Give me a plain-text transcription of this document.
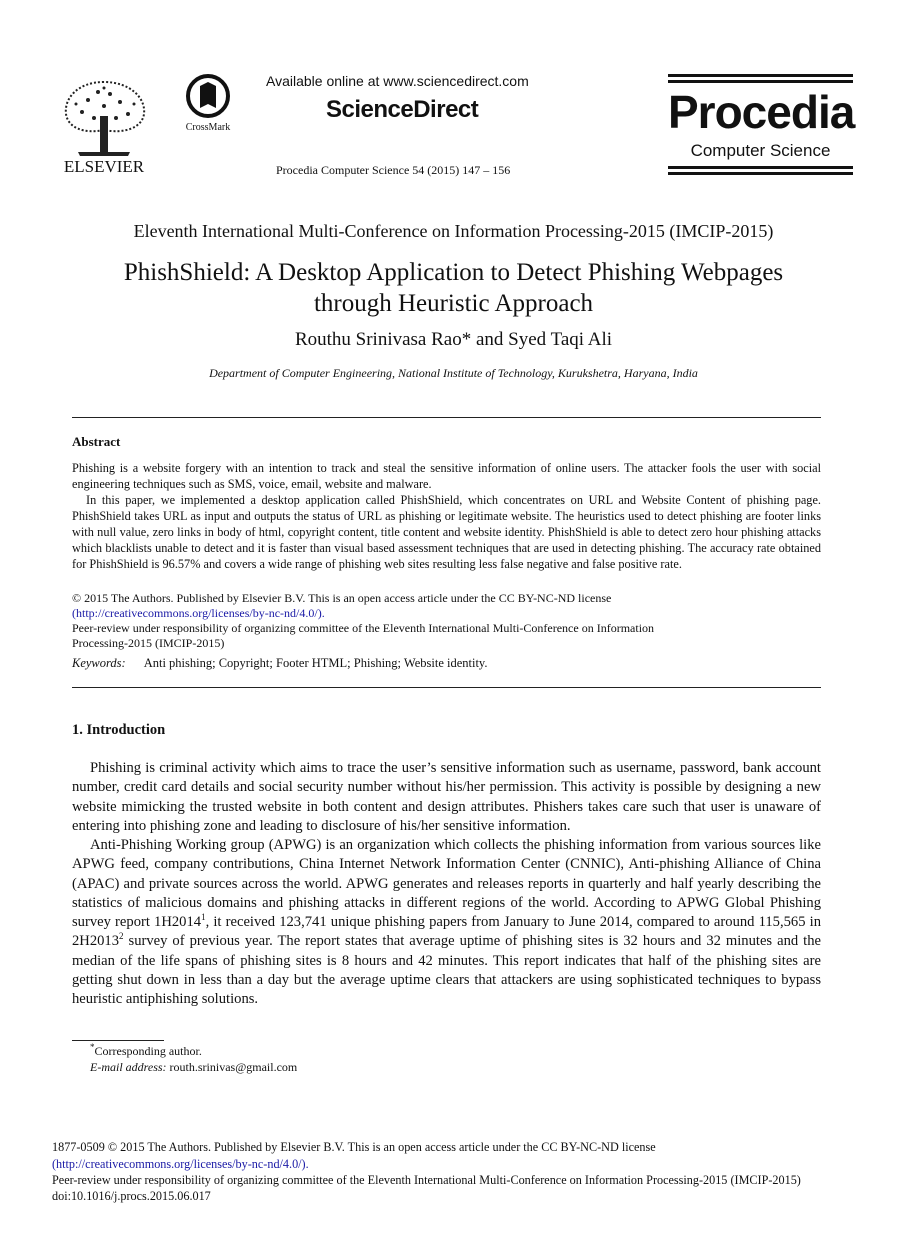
ELSEVIER
CrossMark
Available online at www.sciencedirect.com
ScienceDirect
Procedia Computer Science 54 (2015) 147 – 156
Procedia
Computer Science
Eleventh International Multi-Conference on Information Processing-2015 (IMCIP-2015)
PhishShield: A Desktop Application to Detect Phishing Webpages
through Heuristic Approach
Routhu Srinivasa Rao* and Syed Taqi Ali
Department of Computer Engineering, National Institute of Technology, Kurukshetra, Haryana, India
Abstract
Phishing is a website forgery with an intention to track and steal the sensitive information of online users. The attacker fools the user with social engineering techniques such as SMS, voice, email, website and malware.
In this paper, we implemented a desktop application called PhishShield, which concentrates on URL and Website Content of phishing page. PhishShield takes URL as input and outputs the status of URL as phishing or legitimate website. The heuristics used to detect phishing are footer links with null value, zero links in body of html, copyright content, title content and website identity. PhishShield is able to detect zero hour phishing attacks which blacklists unable to detect and it is faster than visual based assessment techniques that are used in detecting phishing. The accuracy rate obtained for PhishShield is 96.57% and covers a wide range of phishing web sites resulting less false negative and false positive rate.
© 2015 The Authors. Published by Elsevier B.V. This is an open access article under the CC BY-NC-ND license
(http://creativecommons.org/licenses/by-nc-nd/4.0/).
Peer-review under responsibility of organizing committee of the Eleventh International Multi-Conference on Information
Processing-2015 (IMCIP-2015)
Keywords: Anti phishing; Copyright; Footer HTML; Phishing; Website identity.
1. Introduction
Phishing is criminal activity which aims to trace the user’s sensitive information such as username, password, bank account number, credit card details and social security number without his/her permission. This activity is possible by designing a new website mimicking the trusted website in both content and design attributes. Phishers takes care such that user is unaware of entering into phishing zone and leading to disclosure of his/her sensitive information.
Anti-Phishing Working group (APWG) is an organization which collects the phishing information from various sources like APWG feed, company contributions, China Internet Network Information Center (CNNIC), Anti-phishing Alliance of China (APAC) and private sources across the world. APWG generates and releases reports in quarterly and half yearly describing the statistics of malicious domains and phishing attacks in different regions of the world. According to APWG Global Phishing survey report 1H2014$^1$, it received 123,741 unique phishing papers from January to June 2014, compared to around 115,565 in 2H2013$^2$ survey of previous year. The report states that average uptime of phishing sites is 32 hours and 32 minutes and the median of the life spans of phishing sites is 8 hours and 42 minutes. This report indicates that half of the phishing sites are getting shut down in less than a day but the average uptime clears that attackers are using sophisticated techniques to bypass heuristic antiphishing solutions.
*Corresponding author.
E-mail address: routh.srinivas@gmail.com
1877-0509 © 2015 The Authors. Published by Elsevier B.V. This is an open access article under the CC BY-NC-ND license
(http://creativecommons.org/licenses/by-nc-nd/4.0/).
Peer-review under responsibility of organizing committee of the Eleventh International Multi-Conference on Information Processing-2015 (IMCIP-2015)
doi:10.1016/j.procs.2015.06.017
